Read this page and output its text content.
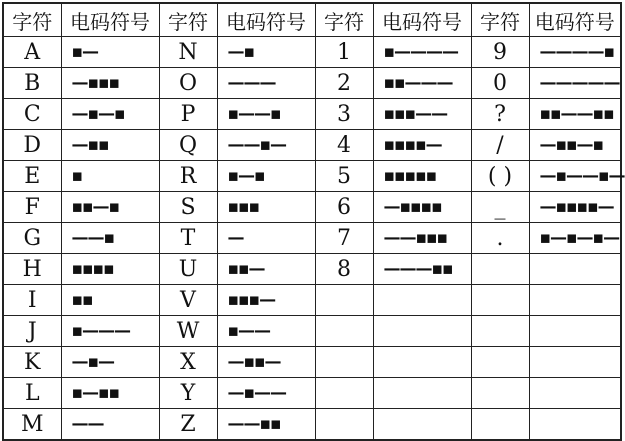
字符	电码符号	字符	电码符号	字符	电码符号	字符	电码符号
A	▪—	N	—▪	1	▪————	9	————▪
B	—▪▪▪	O	———	2	▪▪———	0	—————
C	—▪—▪	P	▪——▪	3	▪▪▪——	?	▪▪——▪▪
D	—▪▪	Q	——▪—	4	▪▪▪▪—	/	—▪▪—▪
E	▪	R	▪—▪	5	▪▪▪▪▪	( )	—▪——▪—
F	▪▪—▪	S	▪▪▪	6	—▪▪▪▪	_	—▪▪▪▪—
G	——▪	T	—	7	——▪▪▪	.	▪—▪—▪—
H	▪▪▪▪	U	▪▪—	8	———▪▪		
I	▪▪	V	▪▪▪—				
J	▪———	W	▪——				
K	—▪—	X	—▪▪—				
L	▪—▪▪	Y	—▪——				
M	——	Z	——▪▪				
